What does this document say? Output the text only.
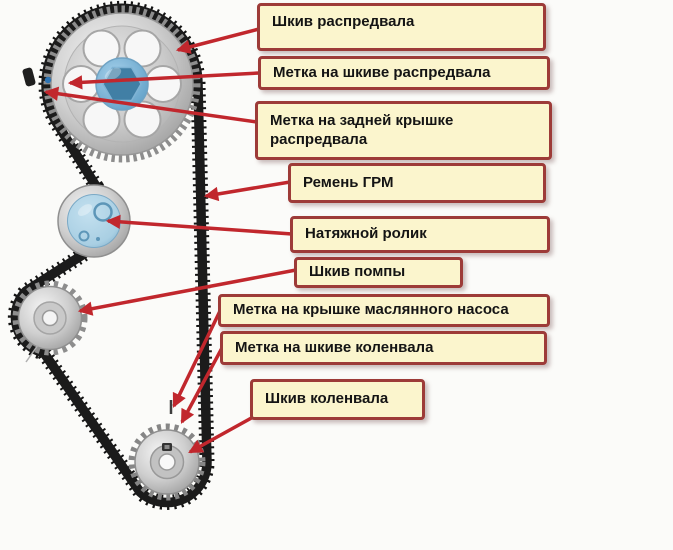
Шкив распредвала
Метка на шкиве распредвала
Метка на задней крышке распредвала
Ремень ГРМ
Натяжной ролик
Шкив помпы
Метка на крышке маслянного насоса
Метка на шкиве коленвала
Шкив коленвала
